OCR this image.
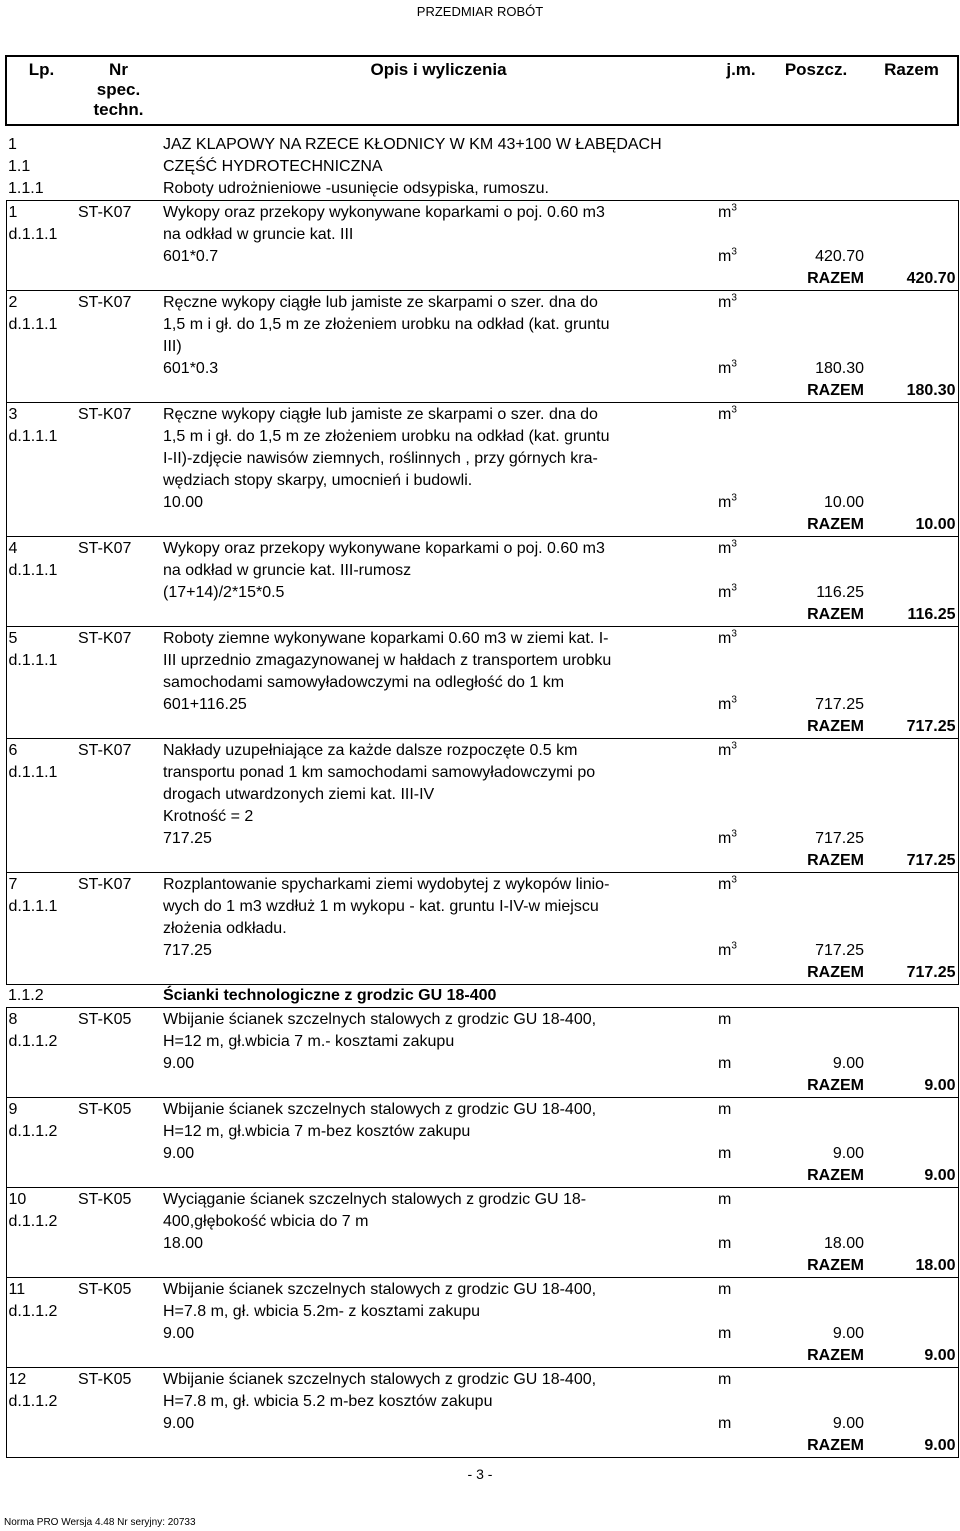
PRZEDMIAR ROBÓT
Lp.	Nr spec. techn.	Opis i wyliczenia	j.m.	Poszcz.	Razem

1		JAZ KLAPOWY NA RZECE KŁODNICY W KM 43+100 W ŁABĘDACH			
1.1		CZĘŚĆ HYDROTECHNICZNA			
1.1.1		Roboty udrożnieniowe -usunięcie odsypiska, rumoszu.			
1	ST-K07	Wykopy oraz przekopy wykonywane koparkami o poj. 0.60 m3	$m^3$		
d.1.1.1		na odkład w gruncie kat. III			
		601*0.7	$m^3$	420.70	
				RAZEM	420.70
2	ST-K07	Ręczne wykopy ciągłe lub jamiste ze skarpami o szer. dna do	$m^3$		
d.1.1.1		1,5 m i gł. do 1,5 m ze złożeniem urobku na odkład (kat. gruntu			
		III)			
		601*0.3	$m^3$	180.30	
				RAZEM	180.30
3	ST-K07	Ręczne wykopy ciągłe lub jamiste ze skarpami o szer. dna do	$m^3$		
d.1.1.1		1,5 m i gł. do 1,5 m ze złożeniem urobku na odkład (kat. gruntu			
		I-II)-zdjęcie nawisów ziemnych, roślinnych , przy górnych kra-			
		wędziach stopy skarpy, umocnień i budowli.			
		10.00	$m^3$	10.00	
				RAZEM	10.00
4	ST-K07	Wykopy oraz przekopy wykonywane koparkami o poj. 0.60 m3	$m^3$		
d.1.1.1		na odkład w gruncie kat. III-rumosz			
		(17+14)/2*15*0.5	$m^3$	116.25	
				RAZEM	116.25
5	ST-K07	Roboty ziemne wykonywane koparkami 0.60 m3 w ziemi kat. I-	$m^3$		
d.1.1.1		III uprzednio zmagazynowanej w hałdach z transportem urobku			
		samochodami samowyładowczymi na odległość do 1 km			
		601+116.25	$m^3$	717.25	
				RAZEM	717.25
6	ST-K07	Nakłady uzupełniające za każde dalsze rozpoczęte 0.5 km	$m^3$		
d.1.1.1		transportu ponad 1 km samochodami samowyładowczymi po			
		drogach utwardzonych ziemi kat. III-IV			
		Krotność = 2			
		717.25	$m^3$	717.25	
				RAZEM	717.25
7	ST-K07	Rozplantowanie spycharkami ziemi wydobytej z wykopów linio-	$m^3$		
d.1.1.1		wych do 1 m3 wzdłuż 1 m wykopu - kat. gruntu I-IV-w miejscu			
		złożenia odkładu.			
		717.25	$m^3$	717.25	
				RAZEM	717.25
1.1.2		Ścianki technologiczne z grodzic GU 18-400			
8	ST-K05	Wbijanie ścianek szczelnych stalowych z grodzic GU 18-400,	m		
d.1.1.2		H=12 m, gł.wbicia 7 m.- kosztami zakupu			
		9.00	m	9.00	
				RAZEM	9.00
9	ST-K05	Wbijanie ścianek szczelnych stalowych z grodzic GU 18-400,	m		
d.1.1.2		H=12 m, gł.wbicia 7 m-bez kosztów zakupu			
		9.00	m	9.00	
				RAZEM	9.00
10	ST-K05	Wyciąganie ścianek szczelnych stalowych z grodzic GU 18-	m		
d.1.1.2		400,głębokość wbicia do 7 m			
		18.00	m	18.00	
				RAZEM	18.00
11	ST-K05	Wbijanie ścianek szczelnych stalowych z grodzic GU 18-400,	m		
d.1.1.2		H=7.8 m, gł. wbicia 5.2m- z kosztami zakupu			
		9.00	m	9.00	
				RAZEM	9.00
12	ST-K05	Wbijanie ścianek szczelnych stalowych z grodzic GU 18-400,	m		
d.1.1.2		H=7.8 m, gł. wbicia 5.2 m-bez kosztów zakupu			
		9.00	m	9.00	
				RAZEM	9.00
- 3 -
Norma PRO Wersja 4.48 Nr seryjny: 20733
